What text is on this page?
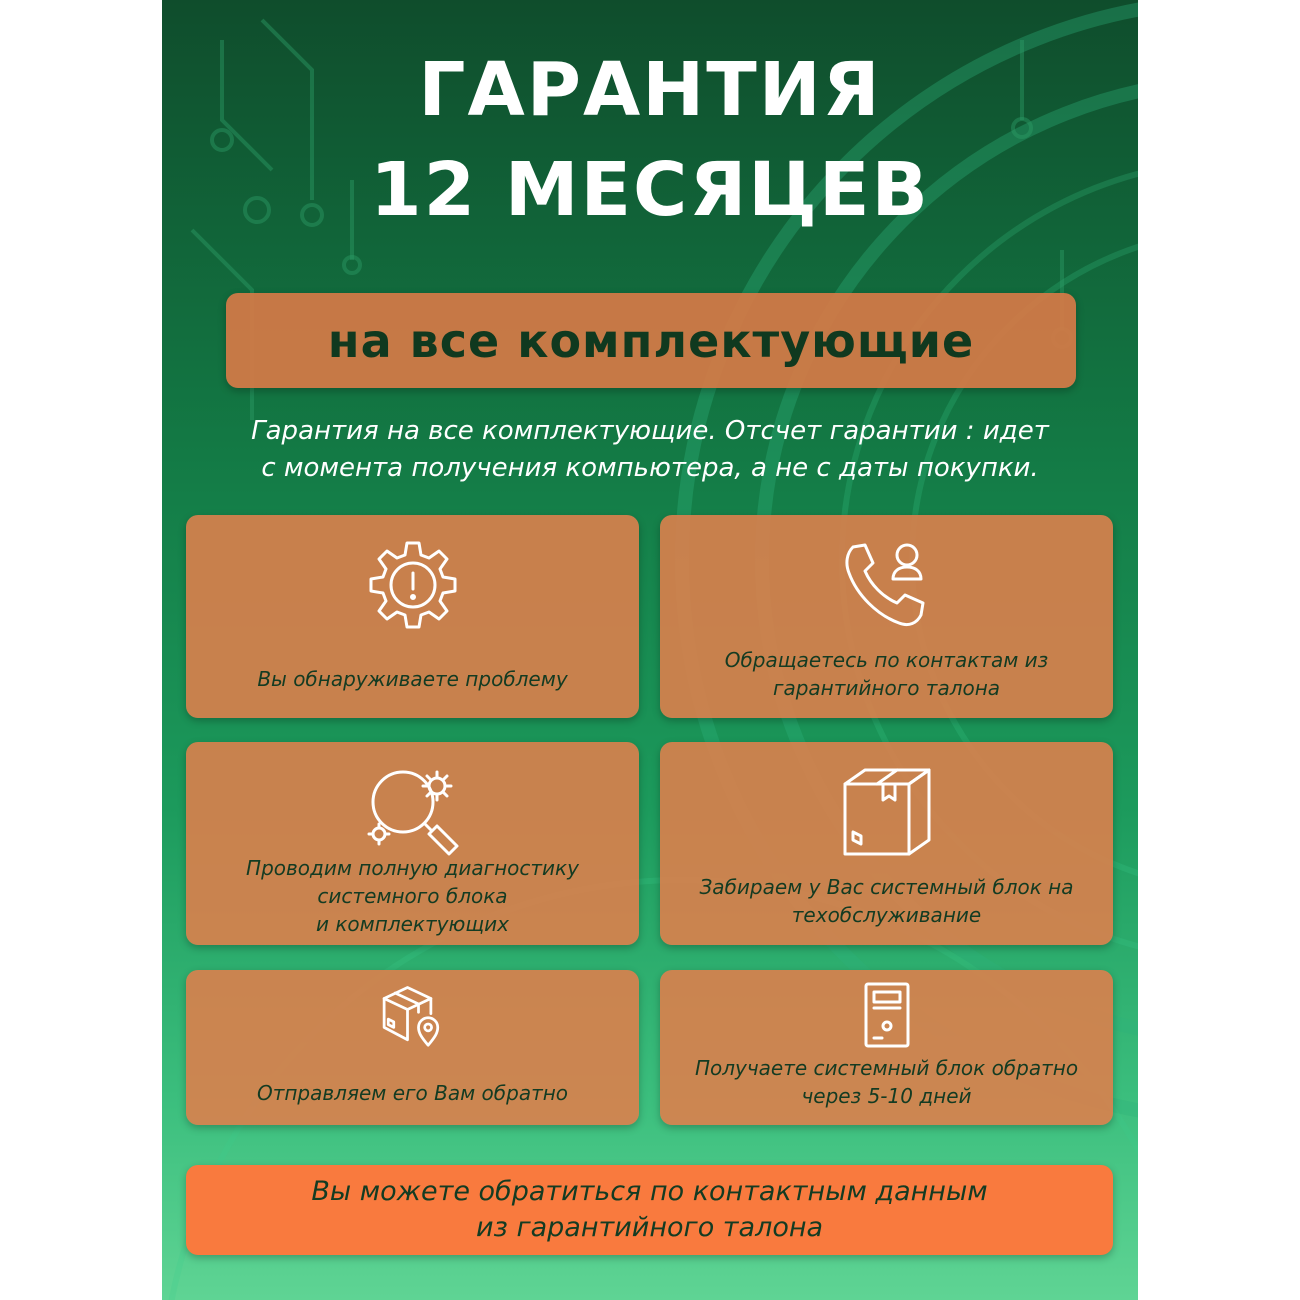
ГАРАНТИЯ
12 МЕСЯЦЕВ
на все комплектующие
Гарантия на все комплектующие. Отсчет гарантии : идет
с момента получения компьютера, а не с даты покупки.
Вы обнаруживаете проблему
Обращаетесь по контактам из
гарантийного талона
Проводим полную диагностику
системного блока
и комплектующих
Забираем у Вас системный блок на
техобслуживание
Отправляем его Вам обратно
Получаете системный блок обратно
через 5-10 дней
Вы можете обратиться по контактным данным
из гарантийного талона
